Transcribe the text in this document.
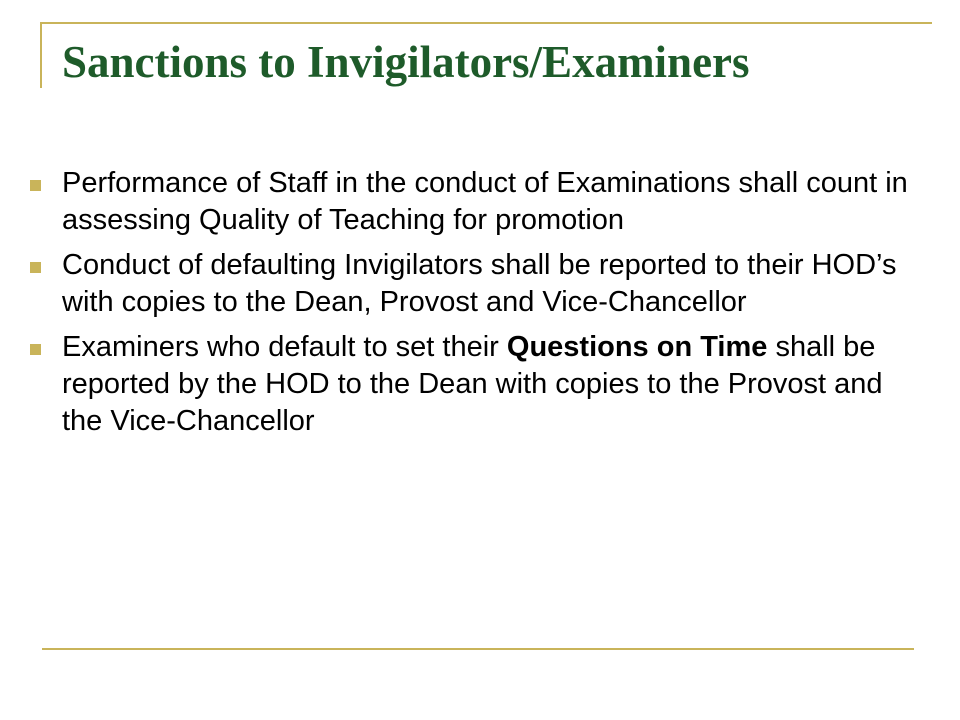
Sanctions to Invigilators/Examiners
Performance of Staff in the conduct of Examinations shall count in assessing Quality of Teaching for promotion
Conduct of defaulting Invigilators shall be reported to their HOD’s with copies to the Dean, Provost and Vice-Chancellor
Examiners who default to set their Questions on Time shall be reported by the HOD to the Dean with copies to the Provost and the Vice-Chancellor
